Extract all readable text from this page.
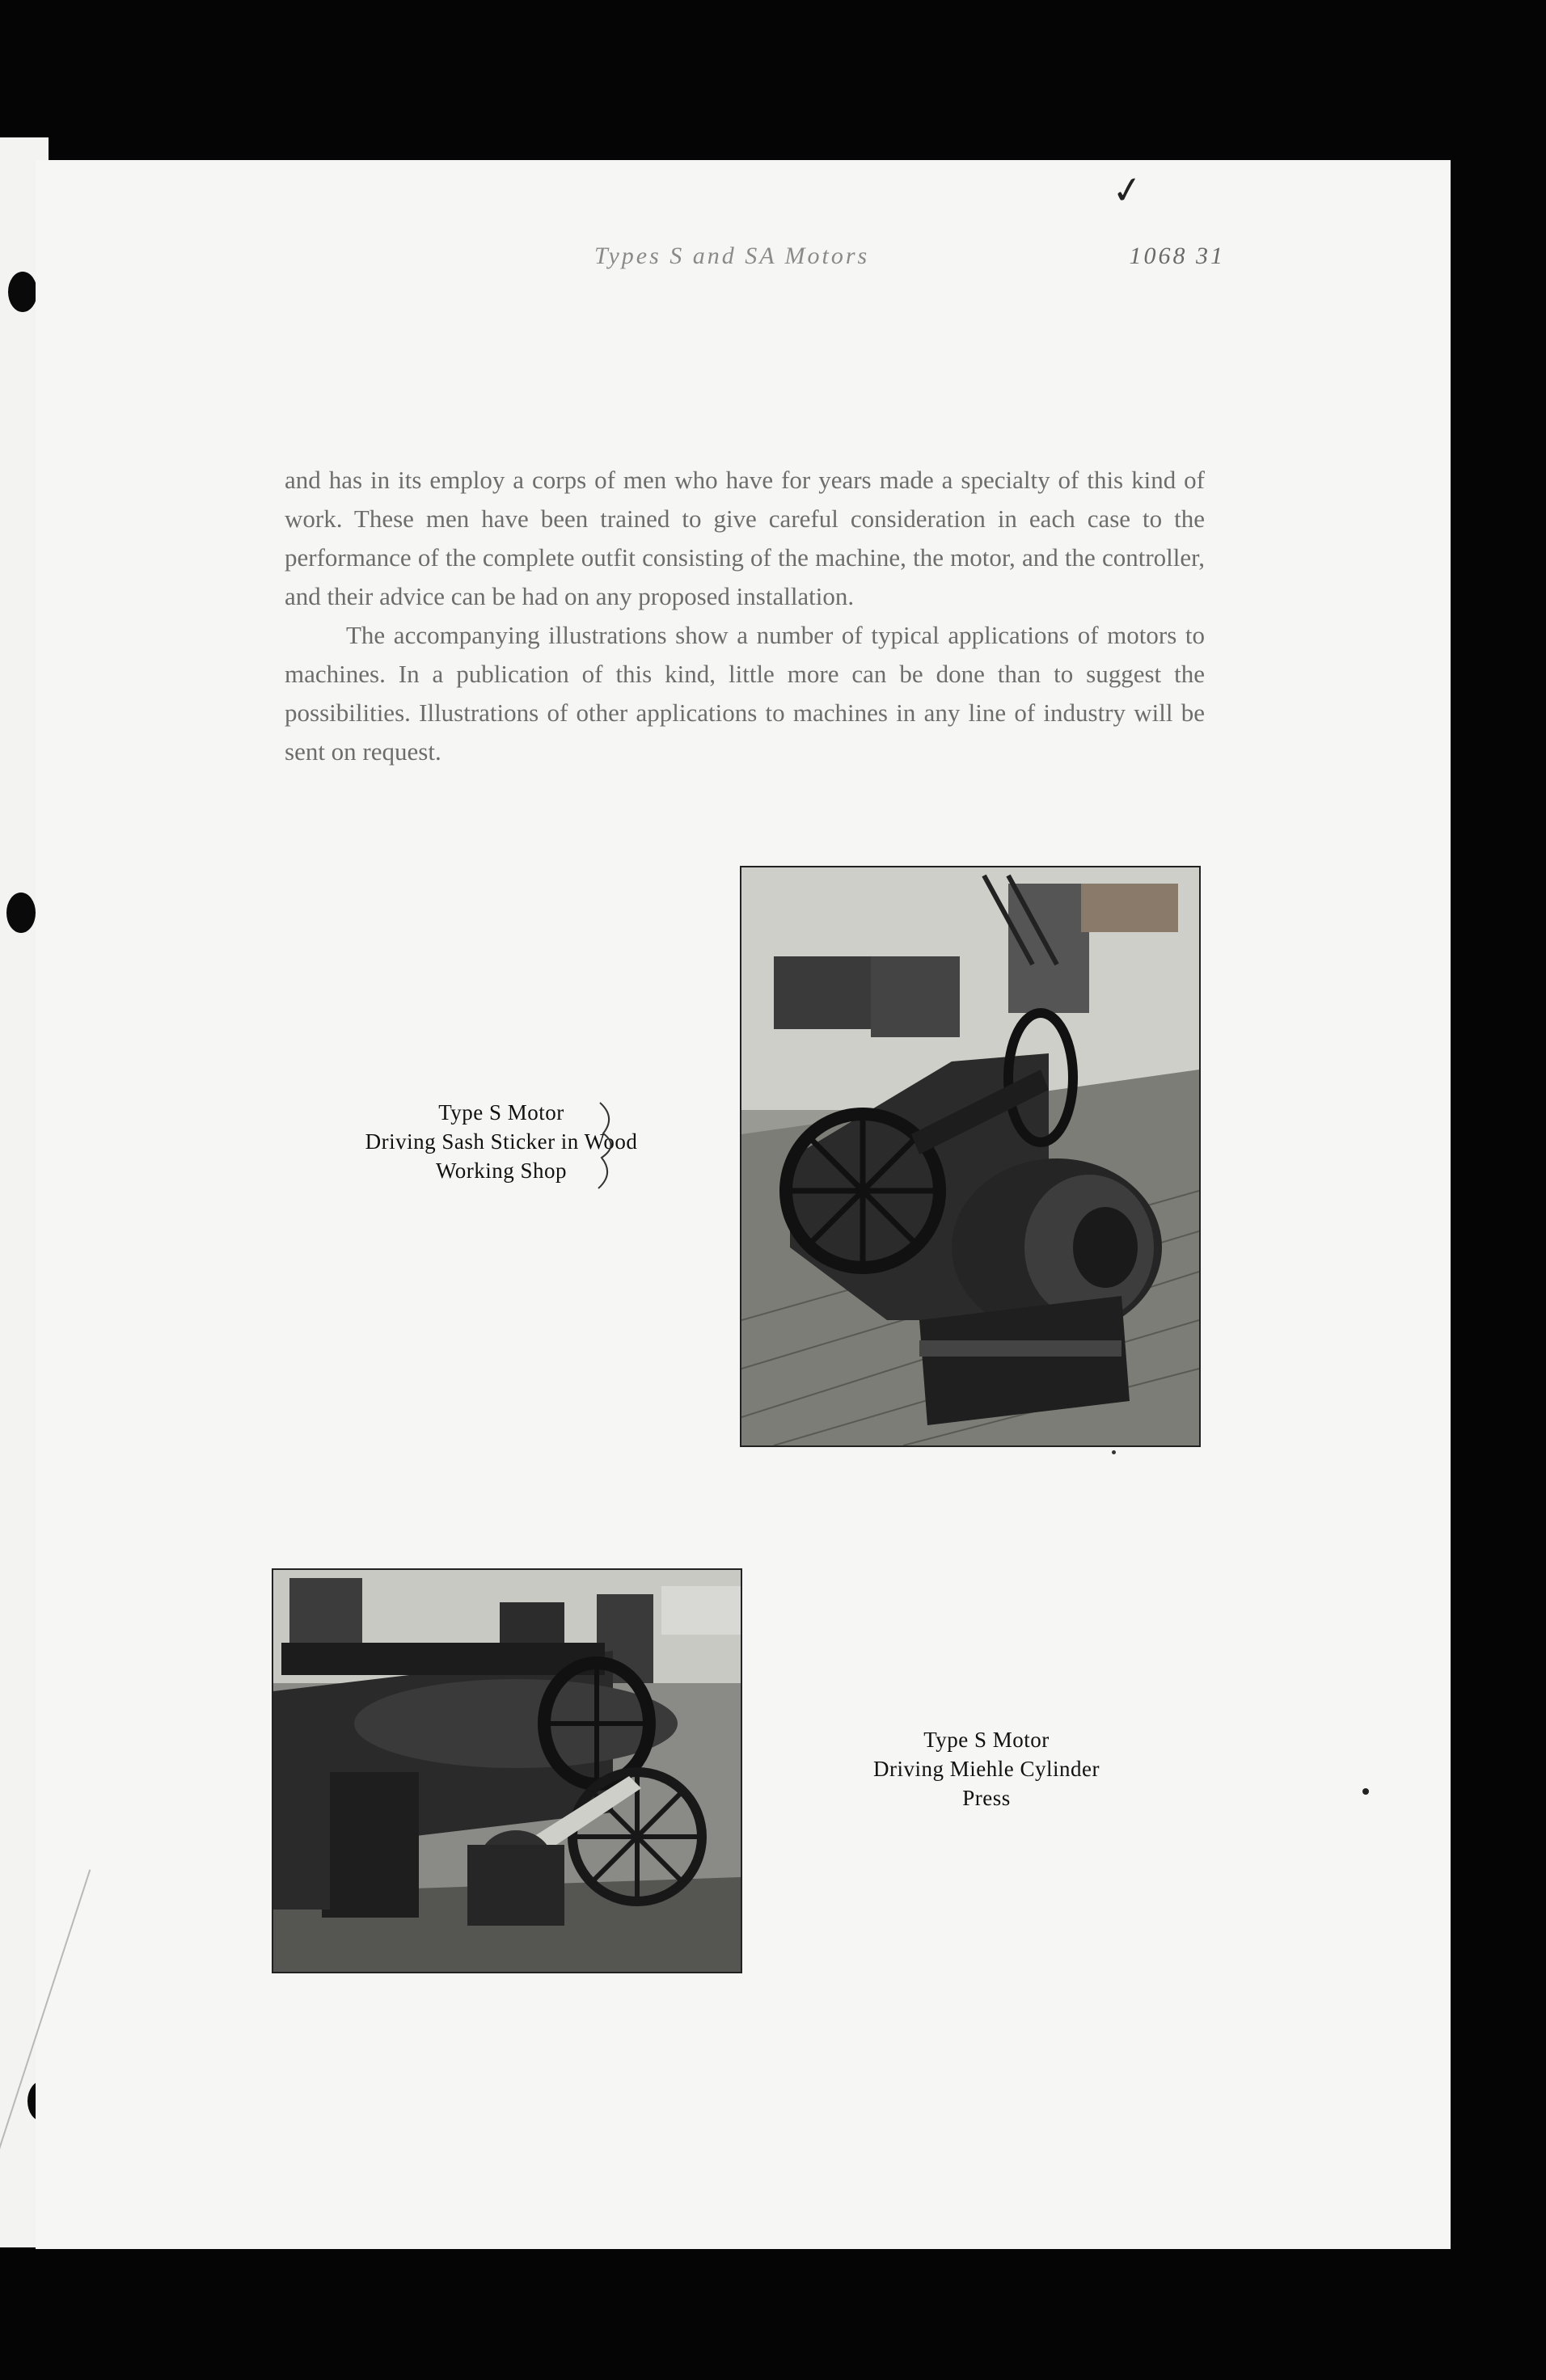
Types S and SA Motors	1068 31
✓

and has in its employ a corps of men who have for years made a specialty of this kind of work. These men have been trained to give careful consideration in each case to the performance of the complete outfit consisting of the machine, the motor, and the controller, and their advice can be had on any proposed installation.

The accompanying illustrations show a number of typical applications of motors to machines. In a publication of this kind, little more can be done than to suggest the possibilities. Illustrations of other applications to machines in any line of industry will be sent on request.

Type S Motor
Driving Sash Sticker in Wood
Working Shop
Type S Motor
Driving Miehle Cylinder
Press
